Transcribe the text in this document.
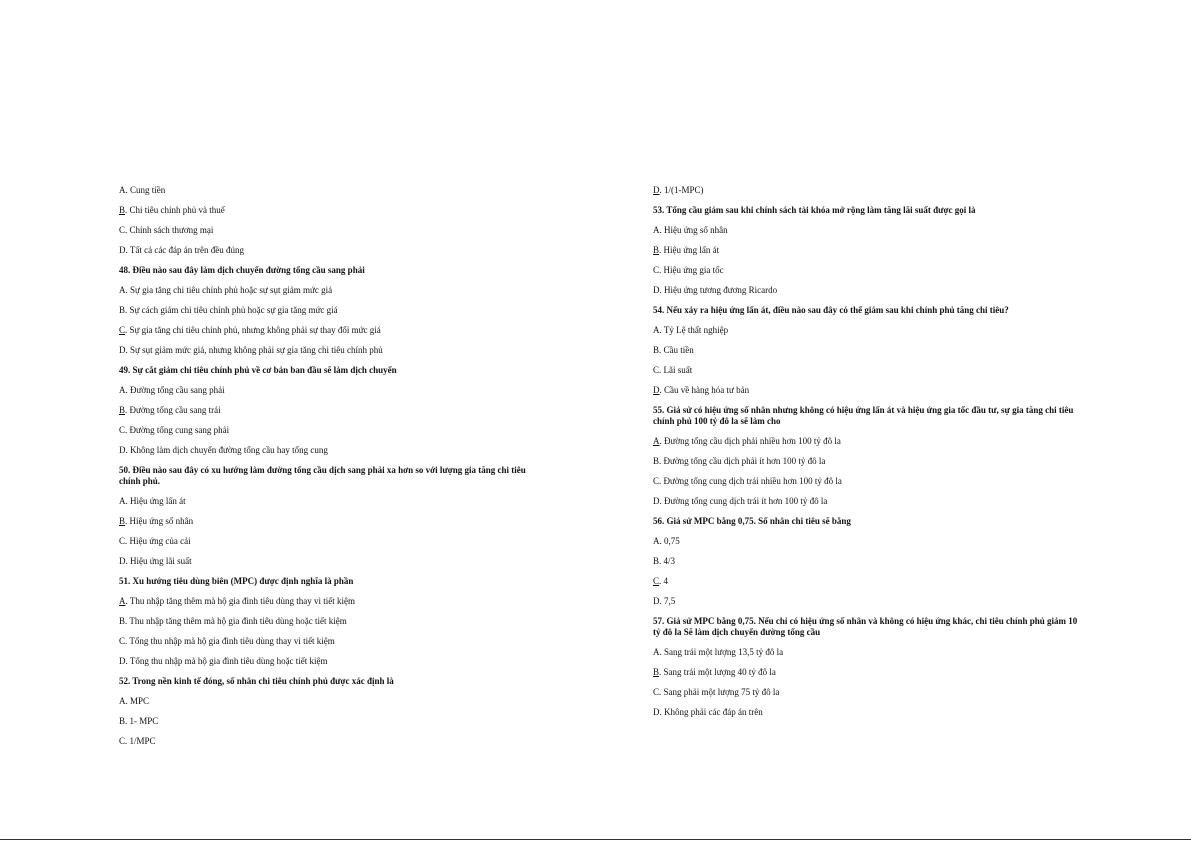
A. Cung tiền

B. Chi tiêu chính phủ và thuế

C. Chính sách thương mại

D. Tất cả các đáp án trên đều đúng

48. Điều nào sau đây làm dịch chuyển đường tổng cầu sang phải

A. Sự gia tăng chi tiêu chính phủ hoặc sự sụt giảm mức giá

B. Sự cách giảm chi tiêu chính phủ hoặc sự gia tăng mức giá

C. Sự gia tăng chi tiêu chính phủ, nhưng không phải sự thay đổi mức giá

D. Sự sụt giảm mức giá, nhưng không phải sự gia tăng chi tiêu chính phủ

49. Sự cắt giảm chi tiêu chính phủ về cơ bản ban đầu sẽ làm dịch chuyển

A. Đường tổng cầu sang phải

B. Đường tổng cầu sang trái

C. Đường tổng cung sang phải

D. Không làm dịch chuyển đường tổng cầu hay tổng cung

50. Điều nào sau đây có xu hướng làm đường tổng cầu dịch sang phải xa hơn so với lượng gia tăng chi tiêu chính phủ.

A. Hiệu ứng lấn át

B. Hiệu ứng số nhân

C. Hiệu ứng của cải

D. Hiệu ứng lãi suất

51. Xu hướng tiêu dùng biên (MPC) được định nghĩa là phần

A. Thu nhập tăng thêm mà hộ gia đình tiêu dùng thay vì tiết kiệm

B. Thu nhập tăng thêm mà hộ gia đình tiêu dùng hoặc tiết kiệm

C. Tổng thu nhập mà hộ gia đình tiêu dùng thay vì tiết kiệm

D. Tổng thu nhập mà hộ gia đình tiêu dùng hoặc tiết kiệm

52. Trong nền kinh tế đóng, số nhân chi tiêu chính phủ được xác định là

A. MPC

B. 1- MPC

C. 1/MPC

D. 1/(1-MPC)

53. Tổng cầu giảm sau khi chính sách tài khóa mở rộng làm tăng lãi suất được gọi là

A. Hiệu ứng số nhân

B. Hiệu ứng lấn át

C. Hiệu ứng gia tốc

D. Hiệu ứng tương đương Ricardo

54. Nếu xảy ra hiệu ứng lấn át, điều nào sau đây có thể giảm sau khi chính phủ tăng chi tiêu?

A. Tỷ Lệ thất nghiệp

B. Cầu tiền

C. Lãi suất

D. Cầu về hàng hóa tư bản

55. Giả sử có hiệu ứng số nhân nhưng không có hiệu ứng lấn át và hiệu ứng gia tốc đầu tư, sự gia tăng chi tiêu chính phủ 100 tỷ đô la sẽ làm cho

A. Đường tổng cầu dịch phải nhiều hơn 100 tỷ đô la

B. Đường tổng cầu dịch phải ít hơn 100 tỷ đô la

C. Đường tổng cung dịch trái nhiều hơn 100 tỷ đô la

D. Đường tổng cung dịch trái ít hơn 100 tỷ đô la

56. Giả sử MPC bằng 0,75. Số nhân chi tiêu sẽ bằng

A. 0,75

B. 4/3

C. 4

D. 7,5

57. Giả sử MPC bằng 0,75. Nếu chỉ có hiệu ứng số nhân và không có hiệu ứng khác, chi tiêu chính phủ giảm 10 tỷ đô la Sẽ làm dịch chuyển đường tổng cầu

A. Sang trái một lượng 13,5 tỷ đô la

B. Sang trái một lượng 40 tỷ đô la

C. Sang phải một lượng 75 tỷ đô la

D. Không phải các đáp án trên
